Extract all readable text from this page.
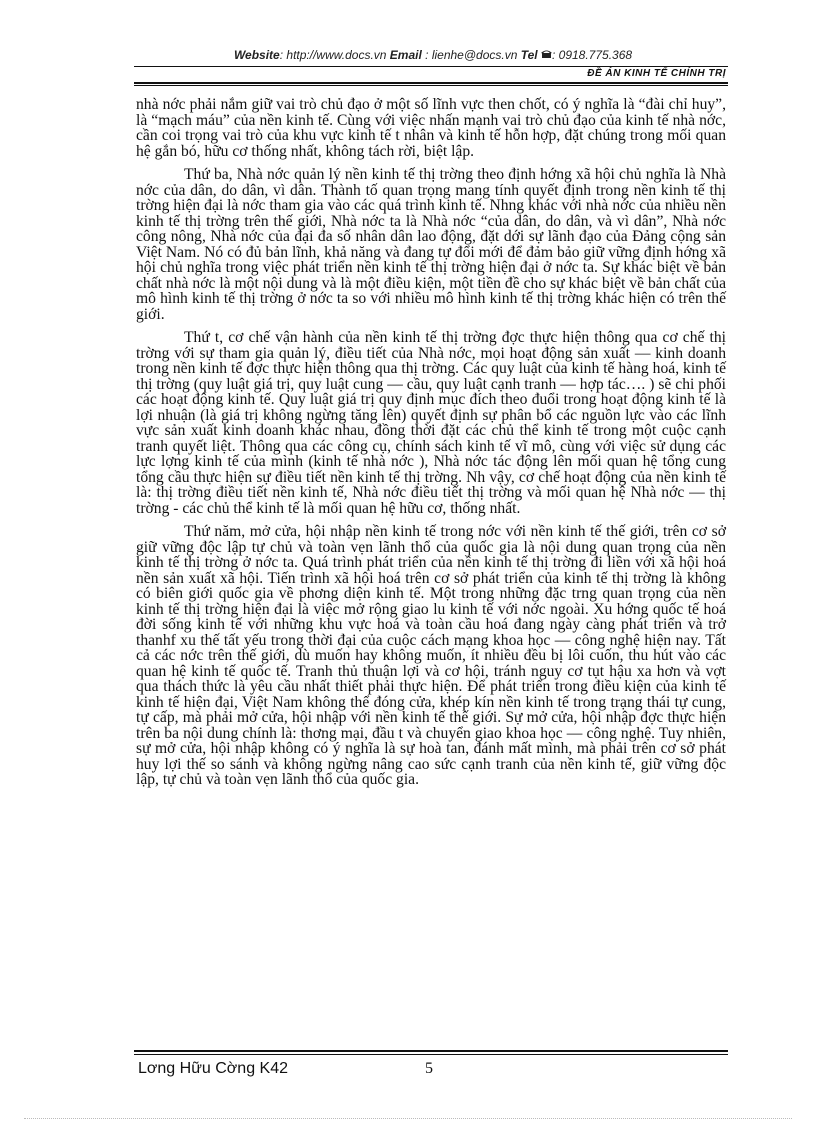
Website: http://www.docs.vn Email : lienhe@docs.vn Tel : 0918.775.368
ĐỀ ÁN KINH TẾ CHÍNH TRỊ

nhà nớc phải nắm giữ vai trò chủ đạo ở một số lĩnh vực then chốt, có ý nghĩa là “đài chỉ huy”, là “mạch máu” của nền kinh tế. Cùng với việc nhấn mạnh vai trò chủ đạo của kinh tế nhà nớc, cần coi trọng vai trò của khu vực kinh tế t nhân và kinh tế hỗn hợp, đặt chúng trong mối quan hệ gắn bó, hữu cơ thống nhất, không tách rời, biệt lập.

Thứ ba, Nhà nớc quản lý nền kinh tế thị trờng theo định hớng xã hội chủ nghĩa là Nhà nớc của dân, do dân, vì dân. Thành tố quan trọng mang tính quyết định trong nền kinh tế thị trờng hiện đại là nớc tham gia vào các quá trình kinh tế. Nhng khác với nhà nớc của nhiều nền kinh tế thị trờng trên thế giới, Nhà nớc ta là Nhà nớc “của dân, do dân, và vì dân”, Nhà nớc công nông, Nhà nớc của đại đa số nhân dân lao động, đặt dới sự lãnh đạo của Đảng cộng sản Việt Nam. Nó có đủ bản lĩnh, khả năng và đang tự đổi mới để đảm bảo giữ vững định hớng xã hội chủ nghĩa trong việc phát triển nền kinh tế thị trờng hiện đại ở nớc ta. Sự khác biệt về bản chất nhà nớc là một nội dung và là một điều kiện, một tiền đề cho sự khác biệt về bản chất của mô hình kinh tế thị trờng ở nớc ta so với nhiều mô hình kinh tế thị trờng khác hiện có trên thế giới.

Thứ t, cơ chế vận hành của nền kinh tế thị trờng đợc thực hiện thông qua cơ chế thị trờng với sự tham gia quản lý, điều tiết của Nhà nớc, mọi hoạt động sản xuất — kinh doanh trong nền kinh tế đợc thực hiện thông qua thị trờng. Các quy luật của kinh tế hàng hoá, kinh tế thị trờng (quy luật giá trị, quy luật cung — cầu, quy luật cạnh tranh — hợp tác…. ) sẽ chi phối các hoạt động kinh tế. Quy luật giá trị quy định mục đích theo đuổi trong hoạt động kinh tế là lợi nhuận (là giá trị không ngừng tăng lên) quyết định sự phân bổ các nguồn lực vào các lĩnh vực sản xuất kinh doanh khác nhau, đồng thời đặt các chủ thể kinh tế trong một cuộc cạnh tranh quyết liệt. Thông qua các công cụ, chính sách kinh tế vĩ mô, cùng với việc sử dụng các lực lợng kinh tế của mình (kinh tế nhà nớc ), Nhà nớc tác động lên mối quan hệ tổng cung tổng cầu thực hiện sự điều tiết nền kinh tế thị trờng. Nh vậy, cơ chế hoạt động của nền kinh tế là: thị trờng điều tiết nền kinh tế, Nhà nớc điều tiết thị trờng và mối quan hệ Nhà nớc — thị trờng - các chủ thể kinh tế là mối quan hệ hữu cơ, thống nhất.

Thứ năm, mở cửa, hội nhập nền kinh tế trong nớc với nền kinh tế thế giới, trên cơ sở giữ vững độc lập tự chủ và toàn vẹn lãnh thổ của quốc gia là nội dung quan trọng của nền kinh tế thị trờng ở nớc ta. Quá trình phát triển của nền kinh tế thị trờng đi liền với xã hội hoá nền sản xuất xã hội. Tiến trình xã hội hoá trên cơ sở phát triển của kinh tế thị trờng là không có biên giới quốc gia về phơng diện kinh tế. Một trong những đặc trng quan trọng của nền kinh tế thị trờng hiện đại là việc mở rộng giao lu kinh tế với nớc ngoài. Xu hớng quốc tế hoá đời sống kinh tế với những khu vực hoá và toàn cầu hoá đang ngày càng phát triển và trở thanhf xu thế tất yếu trong thời đại của cuộc cách mạng khoa học — công nghệ hiện nay. Tất cả các nớc trên thế giới, dù muốn hay không muốn, ít nhiều đều bị lôi cuốn, thu hút vào các quan hệ kinh tế quốc tế. Tranh thủ thuận lợi và cơ hội, tránh nguy cơ tụt hậu xa hơn và vợt qua thách thức là yêu cầu nhất thiết phải thực hiện. Để phát triển trong điều kiện của kinh tế kinh tế hiện đại, Việt Nam không thể đóng cửa, khép kín nền kinh tế trong trạng thái tự cung, tự cấp, mà phải mở cửa, hội nhập với nền kinh tế thế giới. Sự mở cửa, hội nhập đợc thực hiện trên ba nội dung chính là: thơng mại, đầu t và chuyển giao khoa học — công nghệ. Tuy nhiên, sự mở cửa, hội nhập không có ý nghĩa là sự hoà tan, đánh mất mình, mà phải trên cơ sở phát huy lợi thế so sánh và không ngừng nâng cao sức cạnh tranh của nền kinh tế, giữ vững độc lập, tự chủ và toàn vẹn lãnh thổ của quốc gia.

Lơng Hữu Cờng K42	5
